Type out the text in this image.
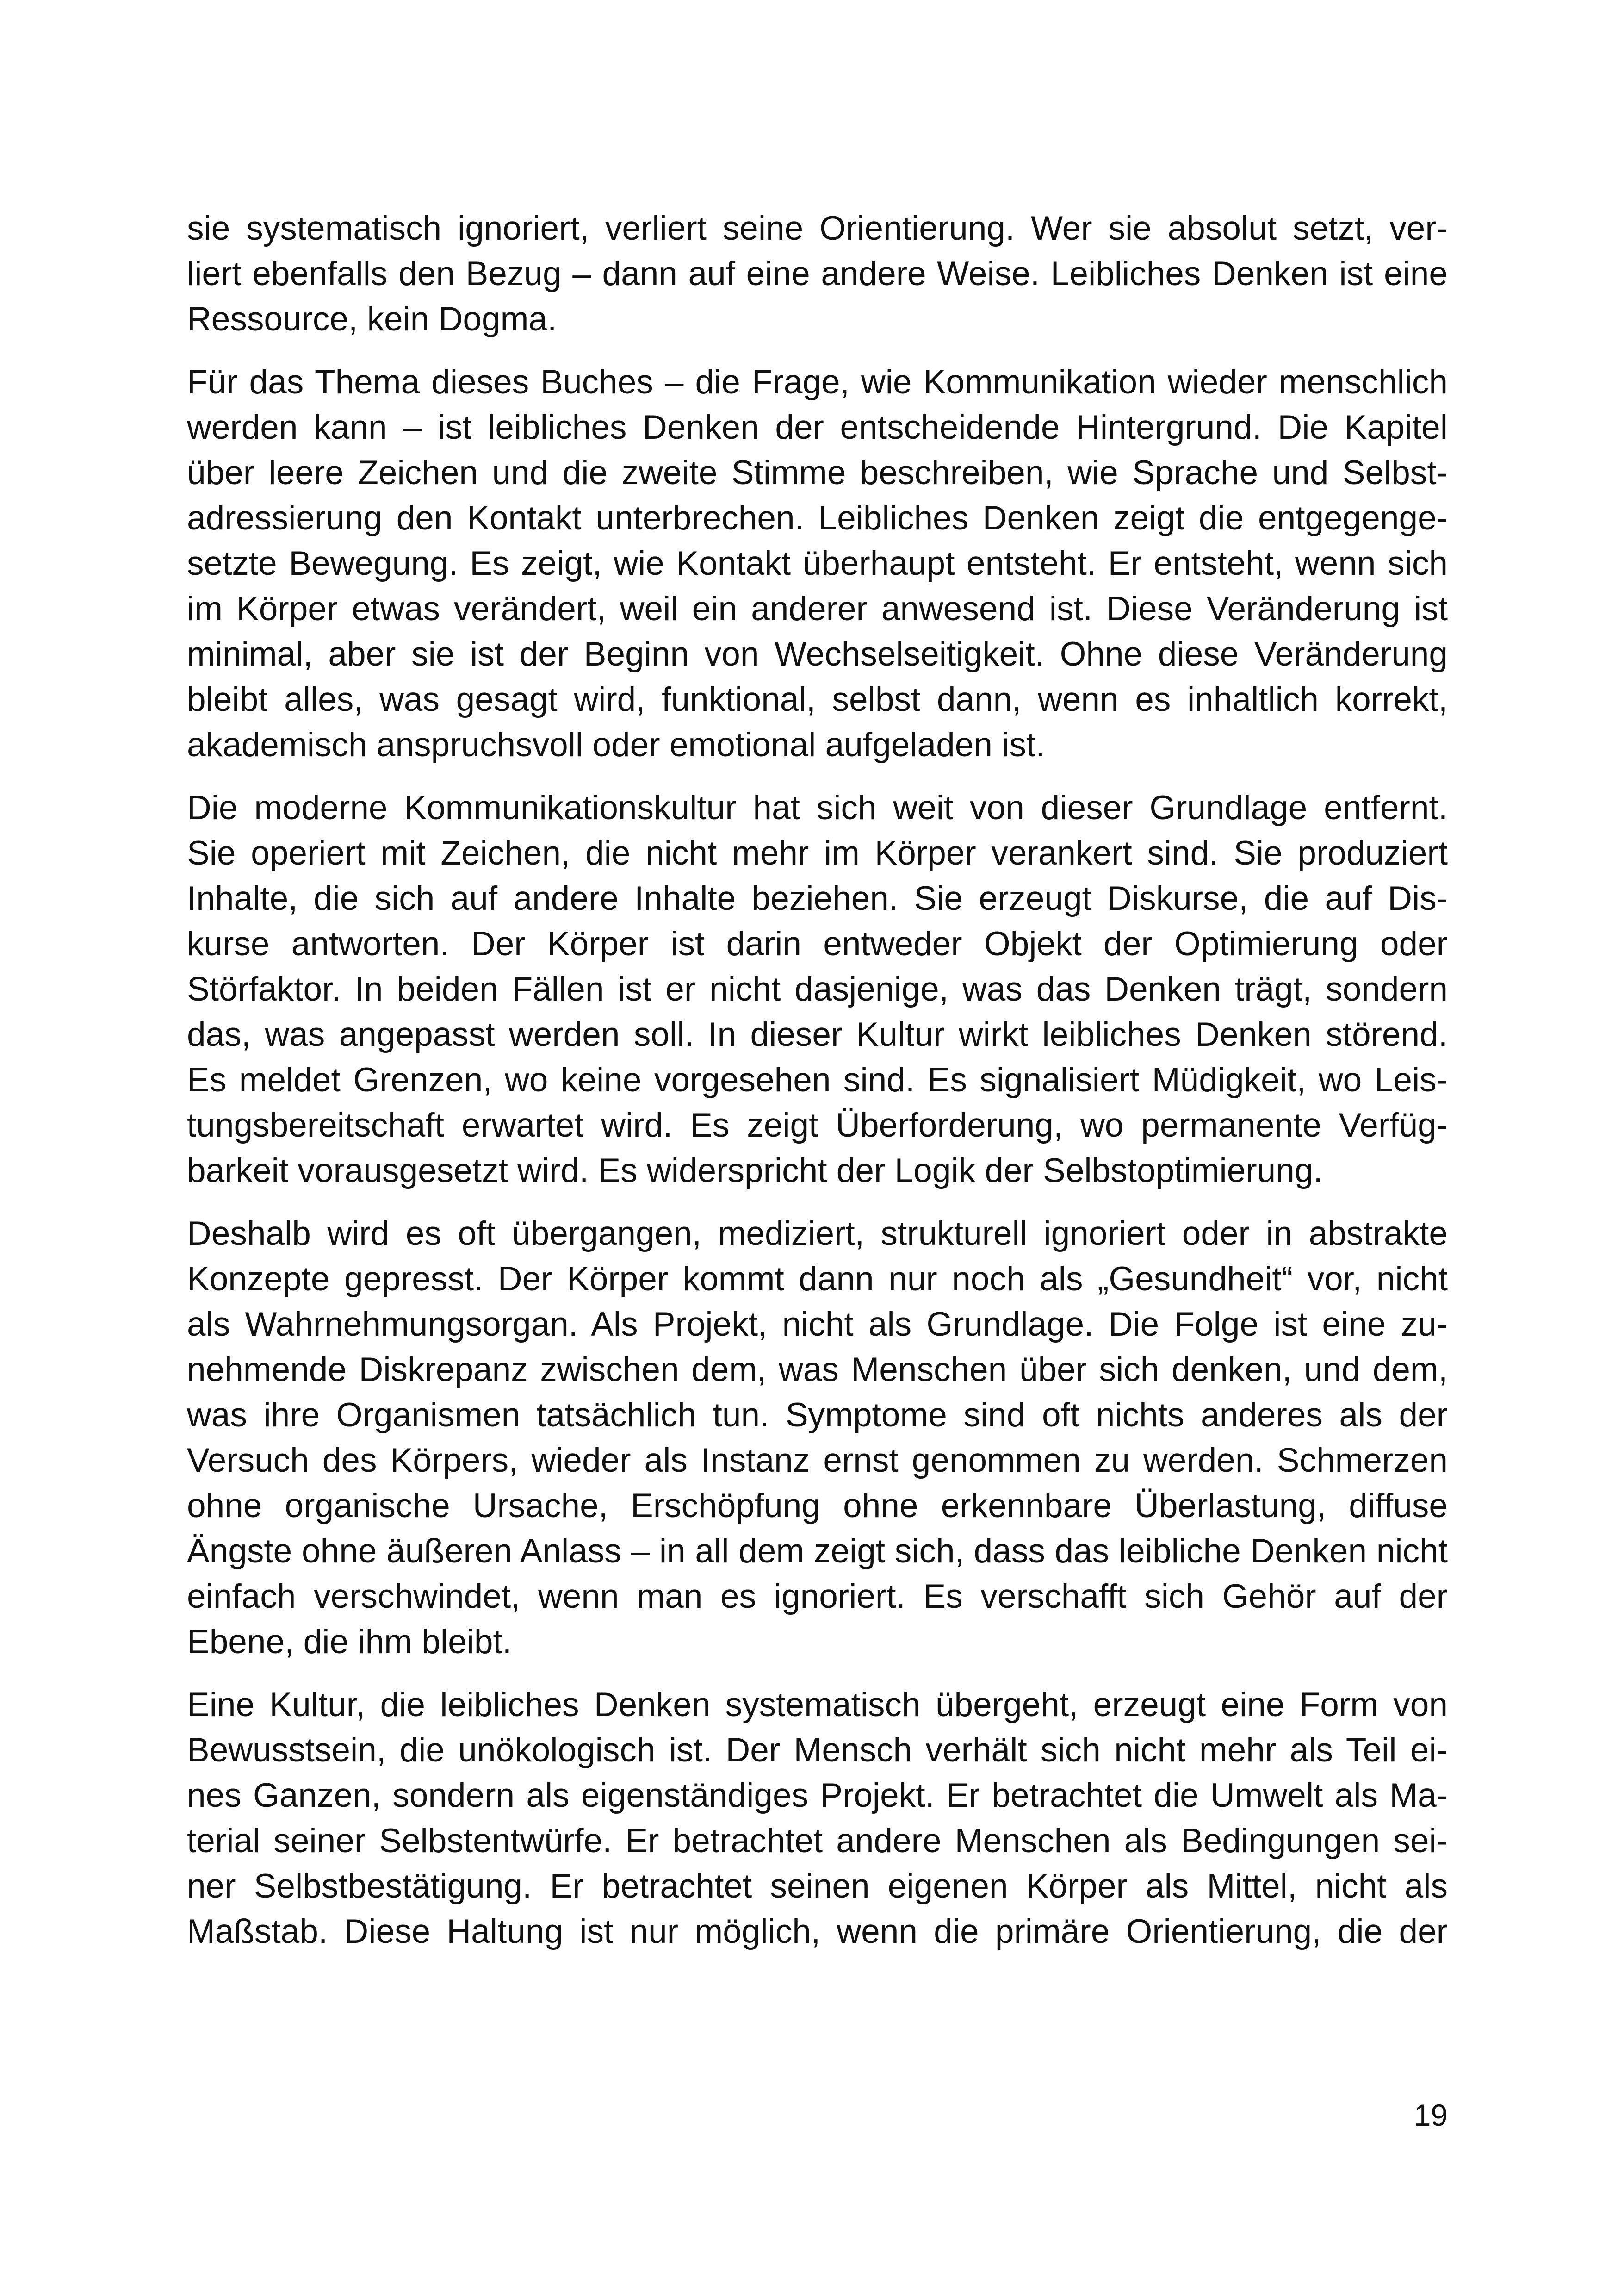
sie systematisch ignoriert, verliert seine Orientierung. Wer sie absolut setzt, ver-
liert ebenfalls den Bezug – dann auf eine andere Weise. Leibliches Denken ist eine
Ressource, kein Dogma.
Für das Thema dieses Buches – die Frage, wie Kommunikation wieder menschlich
werden kann – ist leibliches Denken der entscheidende Hintergrund. Die Kapitel
über leere Zeichen und die zweite Stimme beschreiben, wie Sprache und Selbst-
adressierung den Kontakt unterbrechen. Leibliches Denken zeigt die entgegenge-
setzte Bewegung. Es zeigt, wie Kontakt überhaupt entsteht. Er entsteht, wenn sich
im Körper etwas verändert, weil ein anderer anwesend ist. Diese Veränderung ist
minimal, aber sie ist der Beginn von Wechselseitigkeit. Ohne diese Veränderung
bleibt alles, was gesagt wird, funktional, selbst dann, wenn es inhaltlich korrekt,
akademisch anspruchsvoll oder emotional aufgeladen ist.
Die moderne Kommunikationskultur hat sich weit von dieser Grundlage entfernt.
Sie operiert mit Zeichen, die nicht mehr im Körper verankert sind. Sie produziert
Inhalte, die sich auf andere Inhalte beziehen. Sie erzeugt Diskurse, die auf Dis-
kurse antworten. Der Körper ist darin entweder Objekt der Optimierung oder
Störfaktor. In beiden Fällen ist er nicht dasjenige, was das Denken trägt, sondern
das, was angepasst werden soll. In dieser Kultur wirkt leibliches Denken störend.
Es meldet Grenzen, wo keine vorgesehen sind. Es signalisiert Müdigkeit, wo Leis-
tungsbereitschaft erwartet wird. Es zeigt Überforderung, wo permanente Verfüg-
barkeit vorausgesetzt wird. Es widerspricht der Logik der Selbstoptimierung.
Deshalb wird es oft übergangen, mediziert, strukturell ignoriert oder in abstrakte
Konzepte gepresst. Der Körper kommt dann nur noch als „Gesundheit“ vor, nicht
als Wahrnehmungsorgan. Als Projekt, nicht als Grundlage. Die Folge ist eine zu-
nehmende Diskrepanz zwischen dem, was Menschen über sich denken, und dem,
was ihre Organismen tatsächlich tun. Symptome sind oft nichts anderes als der
Versuch des Körpers, wieder als Instanz ernst genommen zu werden. Schmerzen
ohne organische Ursache, Erschöpfung ohne erkennbare Überlastung, diffuse
Ängste ohne äußeren Anlass – in all dem zeigt sich, dass das leibliche Denken nicht
einfach verschwindet, wenn man es ignoriert. Es verschafft sich Gehör auf der
Ebene, die ihm bleibt.
Eine Kultur, die leibliches Denken systematisch übergeht, erzeugt eine Form von
Bewusstsein, die unökologisch ist. Der Mensch verhält sich nicht mehr als Teil ei-
nes Ganzen, sondern als eigenständiges Projekt. Er betrachtet die Umwelt als Ma-
terial seiner Selbstentwürfe. Er betrachtet andere Menschen als Bedingungen sei-
ner Selbstbestätigung. Er betrachtet seinen eigenen Körper als Mittel, nicht als
Maßstab. Diese Haltung ist nur möglich, wenn die primäre Orientierung, die der
19
